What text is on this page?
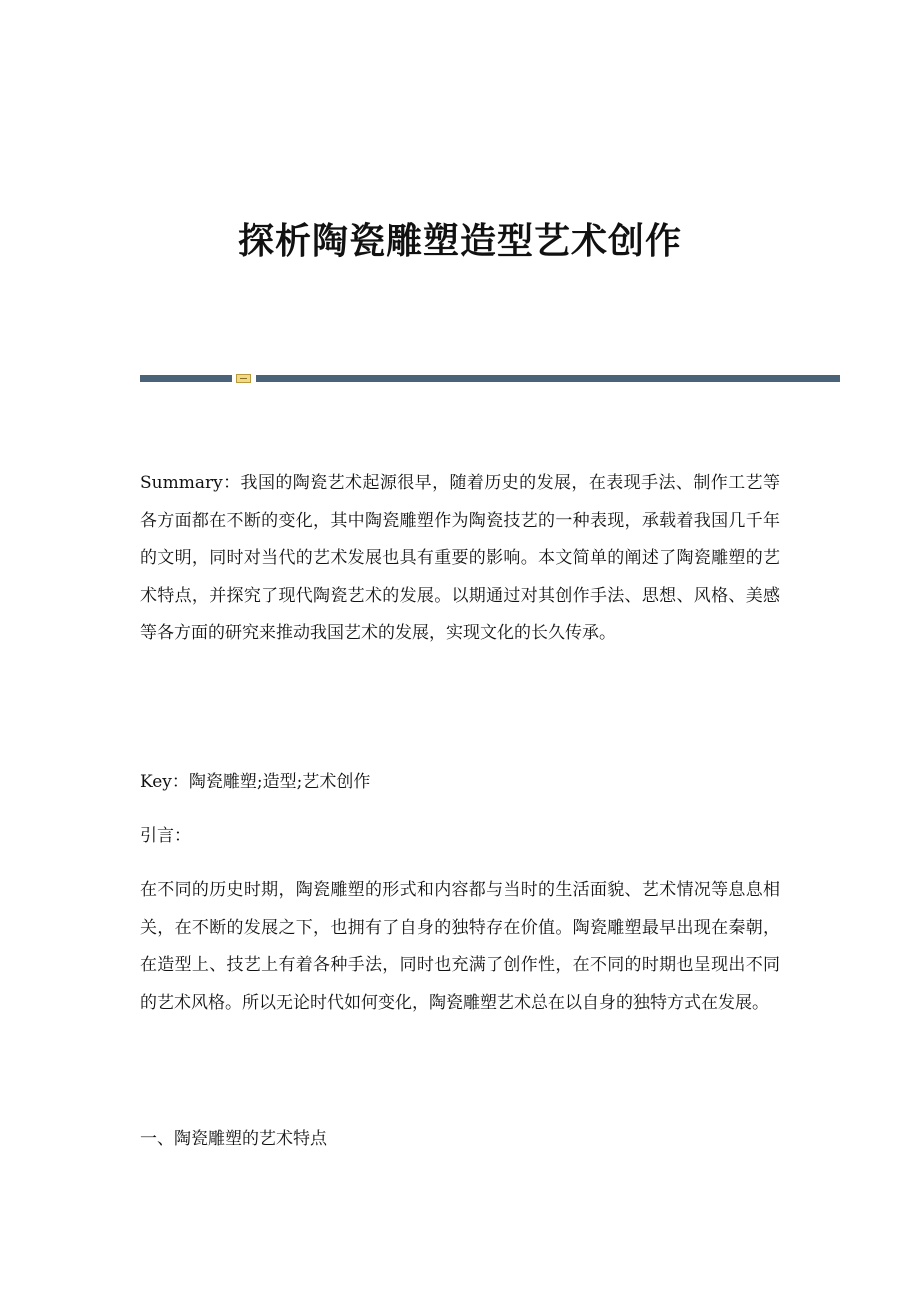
探析陶瓷雕塑造型艺术创作

Summary：我国的陶瓷艺术起源很早，随着历史的发展，在表现手法、制作工艺等各方面都在不断的变化，其中陶瓷雕塑作为陶瓷技艺的一种表现，承载着我国几千年的文明，同时对当代的艺术发展也具有重要的影响。本文简单的阐述了陶瓷雕塑的艺术特点，并探究了现代陶瓷艺术的发展。以期通过对其创作手法、思想、风格、美感等各方面的研究来推动我国艺术的发展，实现文化的长久传承。

Key：陶瓷雕塑;造型;艺术创作

引言：

在不同的历史时期，陶瓷雕塑的形式和内容都与当时的生活面貌、艺术情况等息息相关，在不断的发展之下，也拥有了自身的独特存在价值。陶瓷雕塑最早出现在秦朝，在造型上、技艺上有着各种手法，同时也充满了创作性，在不同的时期也呈现出不同的艺术风格。所以无论时代如何变化，陶瓷雕塑艺术总在以自身的独特方式在发展。

一、陶瓷雕塑的艺术特点
